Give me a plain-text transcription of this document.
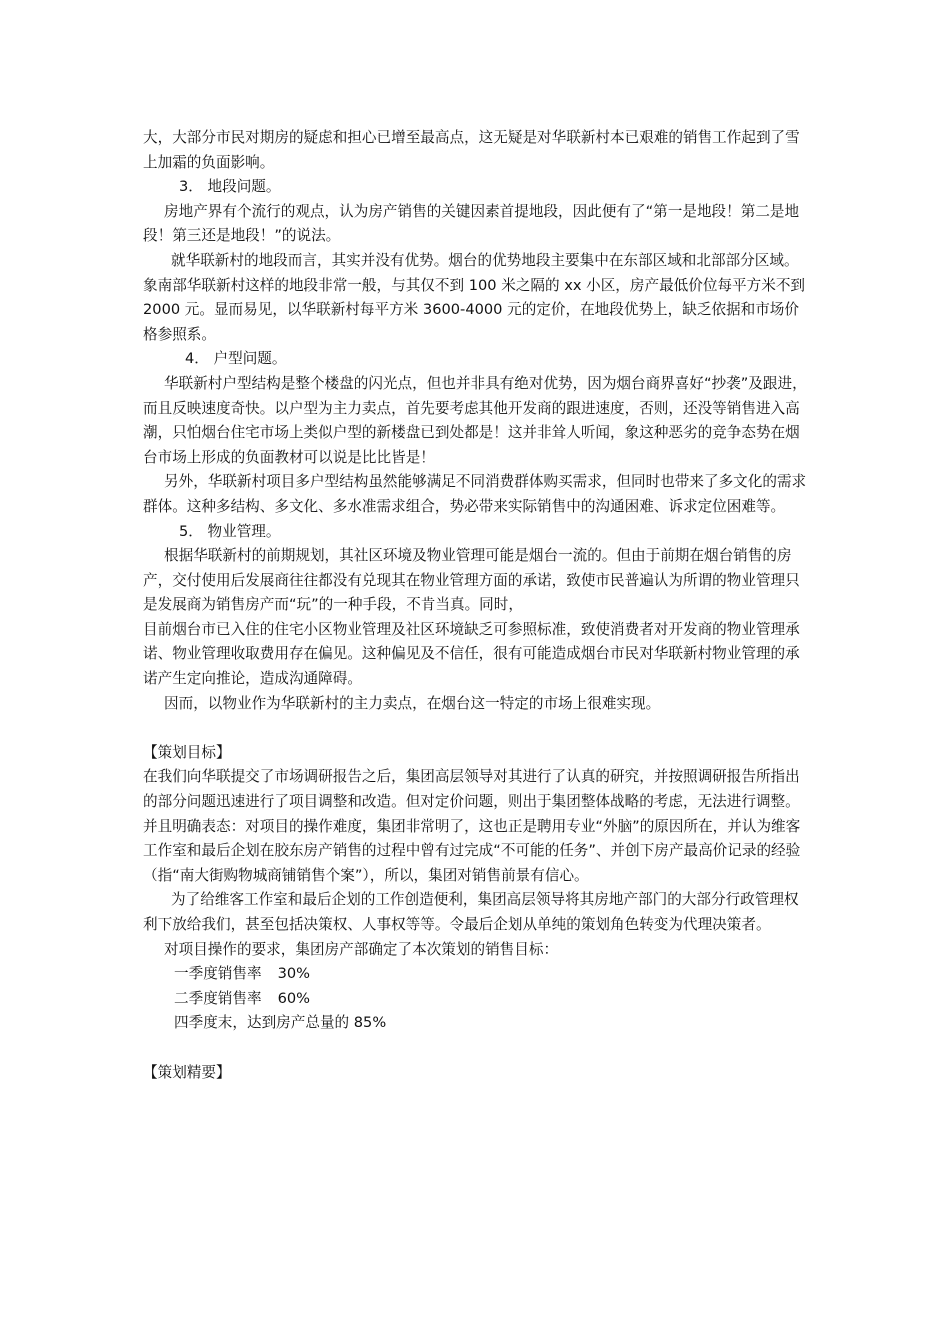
大，大部分市民对期房的疑虑和担心已增至最高点，这无疑是对华联新村本已艰难的销售工作起到了雪上加霜的负面影响。

3． 地段问题。

房地产界有个流行的观点，认为房产销售的关键因素首提地段，因此便有了“第一是地段！第二是地段！第三还是地段！”的说法。

就华联新村的地段而言，其实并没有优势。烟台的优势地段主要集中在东部区域和北部部分区域。象南部华联新村这样的地段非常一般，与其仅不到 100 米之隔的 xx 小区，房产最低价位每平方米不到 2000 元。显而易见，以华联新村每平方米 3600-4000 元的定价，在地段优势上，缺乏依据和市场价格参照系。

4． 户型问题。

华联新村户型结构是整个楼盘的闪光点，但也并非具有绝对优势，因为烟台商界喜好“抄袭”及跟进，而且反映速度奇快。以户型为主力卖点，首先要考虑其他开发商的跟进速度，否则，还没等销售进入高潮，只怕烟台住宅市场上类似户型的新楼盘已到处都是！这并非耸人听闻，象这种恶劣的竞争态势在烟台市场上形成的负面教材可以说是比比皆是！

另外，华联新村项目多户型结构虽然能够满足不同消费群体购买需求，但同时也带来了多文化的需求群体。这种多结构、多文化、多水准需求组合，势必带来实际销售中的沟通困难、诉求定位困难等。

5． 物业管理。

根据华联新村的前期规划，其社区环境及物业管理可能是烟台一流的。但由于前期在烟台销售的房产，交付使用后发展商往往都没有兑现其在物业管理方面的承诺，致使市民普遍认为所谓的物业管理只是发展商为销售房产而“玩”的一种手段，不肯当真。同时，

目前烟台市已入住的住宅小区物业管理及社区环境缺乏可参照标准，致使消费者对开发商的物业管理承诺、物业管理收取费用存在偏见。这种偏见及不信任，很有可能造成烟台市民对华联新村物业管理的承诺产生定向推论，造成沟通障碍。

因而，以物业作为华联新村的主力卖点，在烟台这一特定的市场上很难实现。

【策划目标】

在我们向华联提交了市场调研报告之后，集团高层领导对其进行了认真的研究，并按照调研报告所指出的部分问题迅速进行了项目调整和改造。但对定价问题，则出于集团整体战略的考虑，无法进行调整。并且明确表态：对项目的操作难度，集团非常明了，这也正是聘用专业“外脑”的原因所在，并认为维客工作室和最后企划在胶东房产销售的过程中曾有过完成“不可能的任务”、并创下房产最高价记录的经验（指“南大街购物城商铺销售个案”），所以，集团对销售前景有信心。

为了给维客工作室和最后企划的工作创造便利，集团高层领导将其房地产部门的大部分行政管理权利下放给我们，甚至包括决策权、人事权等等。令最后企划从单纯的策划角色转变为代理决策者。

对项目操作的要求，集团房产部确定了本次策划的销售目标：

一季度销售率 30%

二季度销售率 60%

四季度末，达到房产总量的 85%

【策划精要】
